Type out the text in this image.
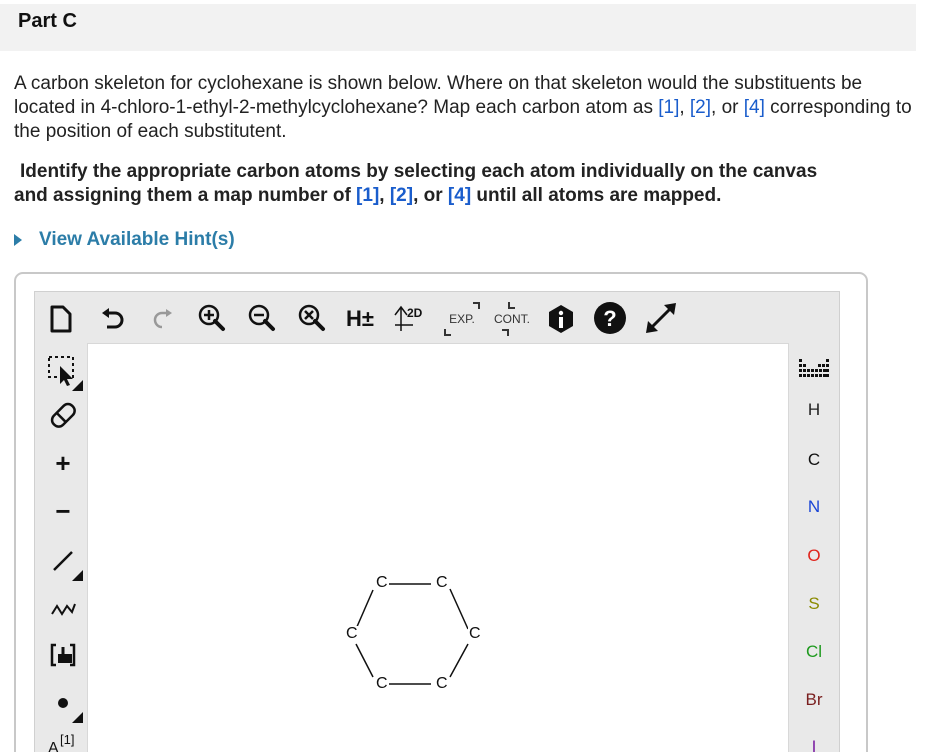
Part C
A carbon skeleton for cyclohexane is shown below. Where on that skeleton would the substituents be located in 4-chloro-1-ethyl-2-methylcyclohexane? Map each carbon atom as [1], [2], or [4] corresponding to the position of each substitutent.
Identify the appropriate carbon atoms by selecting each atom individually on the canvas
and assigning them a map number of [1], [2], or [4] until all atoms are mapped.
View Available Hint(s)
H±	2D EXP. CONT.	?
+
−
[1]
A
C	C
C
C
C
C
H
C
N
O
S
Cl
Br
I
